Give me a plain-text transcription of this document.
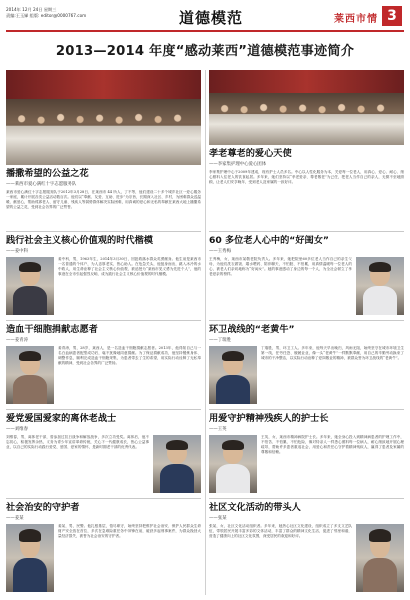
2014年 12月 24日 星期三
责编:王玉娣 组版: editor@0000767.com	道德模范	莱西市情 3
2013—2014 年度“感动莱西”道德模范事迹简介
播撒希望的公益之花
——莱西市爱心满红十字志愿服务队
莱西市爱心满红十字志愿服务队于2012年3月28日，在莱西市 44 所人，了不等，他们建设二十多个城乡社区一爱心服务一家庭，累计开展各类公益活动数百次。他们以“奉献、友爱、互助、进步”为宗旨，长期深入社区、乡村，为困难群众送温暖、献爱心，帮助孤寡老人、留守儿童、残疾人等弱势群体解决实际困难，用真诚的爱心和无私的奉献在莱西大地上播撒希望的公益之花，受到社会各界的广泛赞誉。
孝老尊老的爱心天使
——李家集护理中心爱心团体
李家集护理中心于2009年建成，现有护士人员多名。中心以人性化服务为本，关爱每一位老人，用真心、爱心、耐心、细心照料入住老人的饮食起居。多年来，她们坚持以“孝老爱亲、尊老敬老”为己任，把老人当作自己的亲人，无微不至地照顾，让老人们安享晚年，受到老人及家属的一致好评。
践行社会主义核心价值观的时代楷模
——姜中科
姜中科，男，1963年生，2014年3月30日，因抢救落水群众英勇献身。他生前是莱西市一名普通的个体户，为人忠厚老实，热心助人。在危急关头，他挺身而出，跳入冰冷的水中救人，用生命诠释了社会主义核心价值观，被追授为“莱西市见义勇为先进个人”，他的事迹在全市引起强烈反响，成为践行社会主义核心价值观的时代楷模。
60 多位老人心中的“好闺女”
——王秀梅
王秀梅，女，莱西市某敬老院负责人。多年来，她把院里60多位老人当作自己的亲生父母，为他们洗衣做饭、端水喂药、陪伴聊天，不怕脏、不怕累，用真情温暖每一位老人的心，被老人们亲切地称为“好闺女”。她的事迹感动了身边的每一个人，为全社会树立了孝老爱亲的榜样。
造血干细胞捐献志愿者
——姜青涛
姜青涛，男，28岁，莱西人，是一名造血干细胞捐献志愿者。2013年，他得知自己与一名白血病患者配型成功后，毫不犹豫地同意捐献。为了保证捐献成功，他坚持锻炼身体、调整作息，顺利完成造血干细胞采集，为患者带去了生的希望，用实际行动诠释了无私奉献的精神，受到社会各界的广泛赞扬。
环卫战线的“老黄牛”
——丁瑞胜
丁瑞胜，男，环卫工人。多年来，他每天早出晚归，风雨无阻，始终坚守在城市环境卫生第一线，任劳任怨、兢兢业业，像一头“老黄牛”一样默默奉献，用自己的辛勤劳动换来了城市的干净整洁，以实际行动诠释了爱岗敬业的精神，被群众誉为环卫战线的“老黄牛”。
爱党爱国爱家的离休老战士
——刘维春
刘维春，男，离休老干部，曾参加过抗日战争和解放战争，多次立功受奖。离休后，他不忘初心，积极发挥余热，义务为青少年宣讲革命传统，关心下一代健康成长，热心公益事业，以自己的实际行动践行爱党、爱国、爱家的情怀，是新时期老干部的优秀代表。
用爱守护精神残疾人的护士长
——王英
王英，女，莱西市精神病院护士长。多年来，她全身心投入到精神病患者的护理工作中，不怕苦、不怕累、不怕危险，像对待亲人一样悉心照料每一位病人，耐心细致地开展心理疏导，帮助许多患者重返社会，用爱心和责任心守护着精神残疾人，赢得了患者及家属的尊敬和信赖。
社会治安的守护者
——姜某
姜某，男，民警。他扎根基层，恪尽职守，始终坚持把维护社会治安、保护人民群众生命财产安全放在首位，多次在急难险重任务中冲锋在前，破获多起刑事案件，为群众挽回大量经济损失，被誉为社会治安的守护者。
社区文化活动的带头人
——张某
张某，女，社区文化活动组织者。多年来，她热心社区文化建设，组织成立了多支文艺队伍，带领居民开展丰富多彩的文体活动，丰富了群众的精神文化生活，促进了邻里和谐，营造了健康向上的社区文化氛围，深受居民的欢迎和好评。
